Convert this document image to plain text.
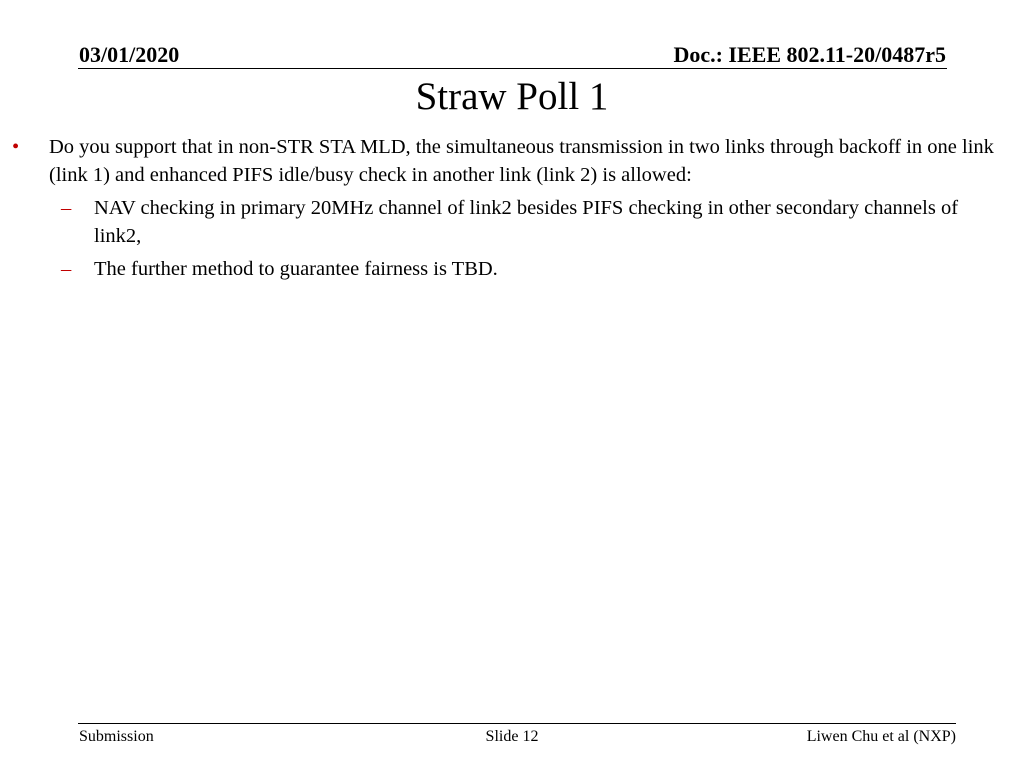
03/01/2020	Doc.: IEEE 802.11-20/0487r5
Straw Poll 1
• Do you support that in non-STR STA MLD, the simultaneous transmission in two links through backoff in one link (link 1) and enhanced PIFS idle/busy check in another link (link 2) is allowed:
– NAV checking in primary 20MHz channel of link2 besides PIFS checking in other secondary channels of link2,
– The further method to guarantee fairness is TBD.
Submission	Slide 12	Liwen Chu et al (NXP)
